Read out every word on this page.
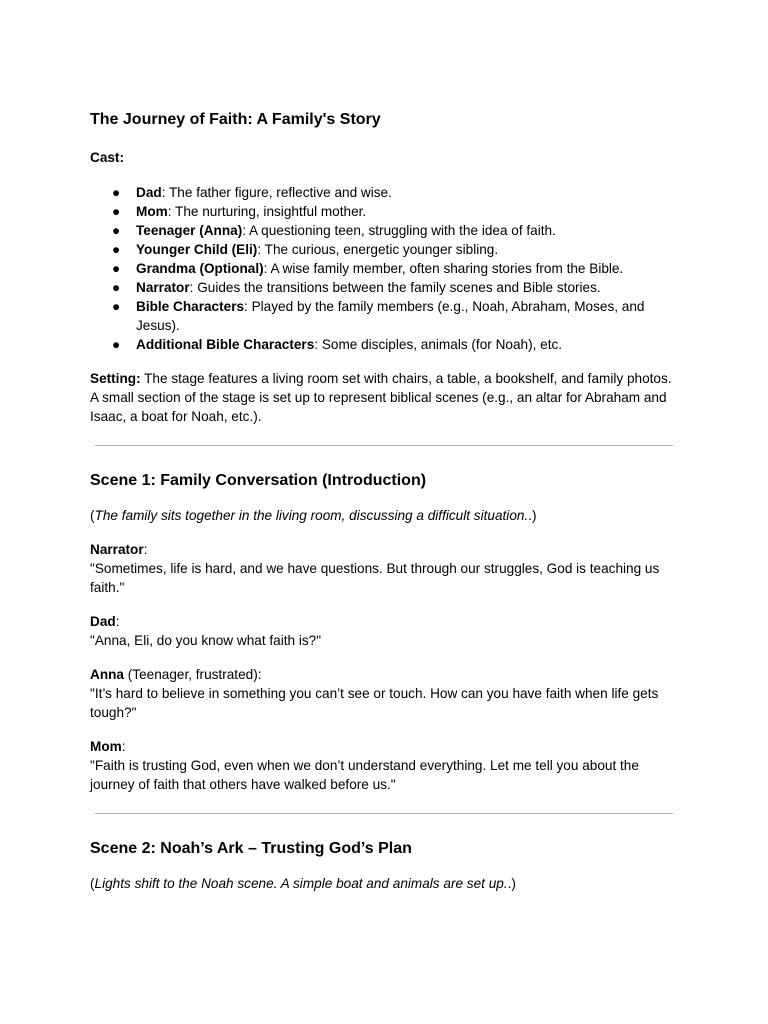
The Journey of Faith: A Family's Story

Cast:

● Dad: The father figure, reflective and wise.
● Mom: The nurturing, insightful mother.
● Teenager (Anna): A questioning teen, struggling with the idea of faith.
● Younger Child (Eli): The curious, energetic younger sibling.
● Grandma (Optional): A wise family member, often sharing stories from the Bible.
● Narrator: Guides the transitions between the family scenes and Bible stories.
● Bible Characters: Played by the family members (e.g., Noah, Abraham, Moses, and Jesus).
● Additional Bible Characters: Some disciples, animals (for Noah), etc.

Setting: The stage features a living room set with chairs, a table, a bookshelf, and family photos. A small section of the stage is set up to represent biblical scenes (e.g., an altar for Abraham and Isaac, a boat for Noah, etc.).

Scene 1: Family Conversation (Introduction)

(The family sits together in the living room, discussing a difficult situation..)

Narrator:

"Sometimes, life is hard, and we have questions. But through our struggles, God is teaching us faith."

Dad:

"Anna, Eli, do you know what faith is?"

Anna (Teenager, frustrated):

"It’s hard to believe in something you can’t see or touch. How can you have faith when life gets tough?"

Mom:

"Faith is trusting God, even when we don’t understand everything. Let me tell you about the journey of faith that others have walked before us."

Scene 2: Noah’s Ark – Trusting God’s Plan

(Lights shift to the Noah scene. A simple boat and animals are set up..)
